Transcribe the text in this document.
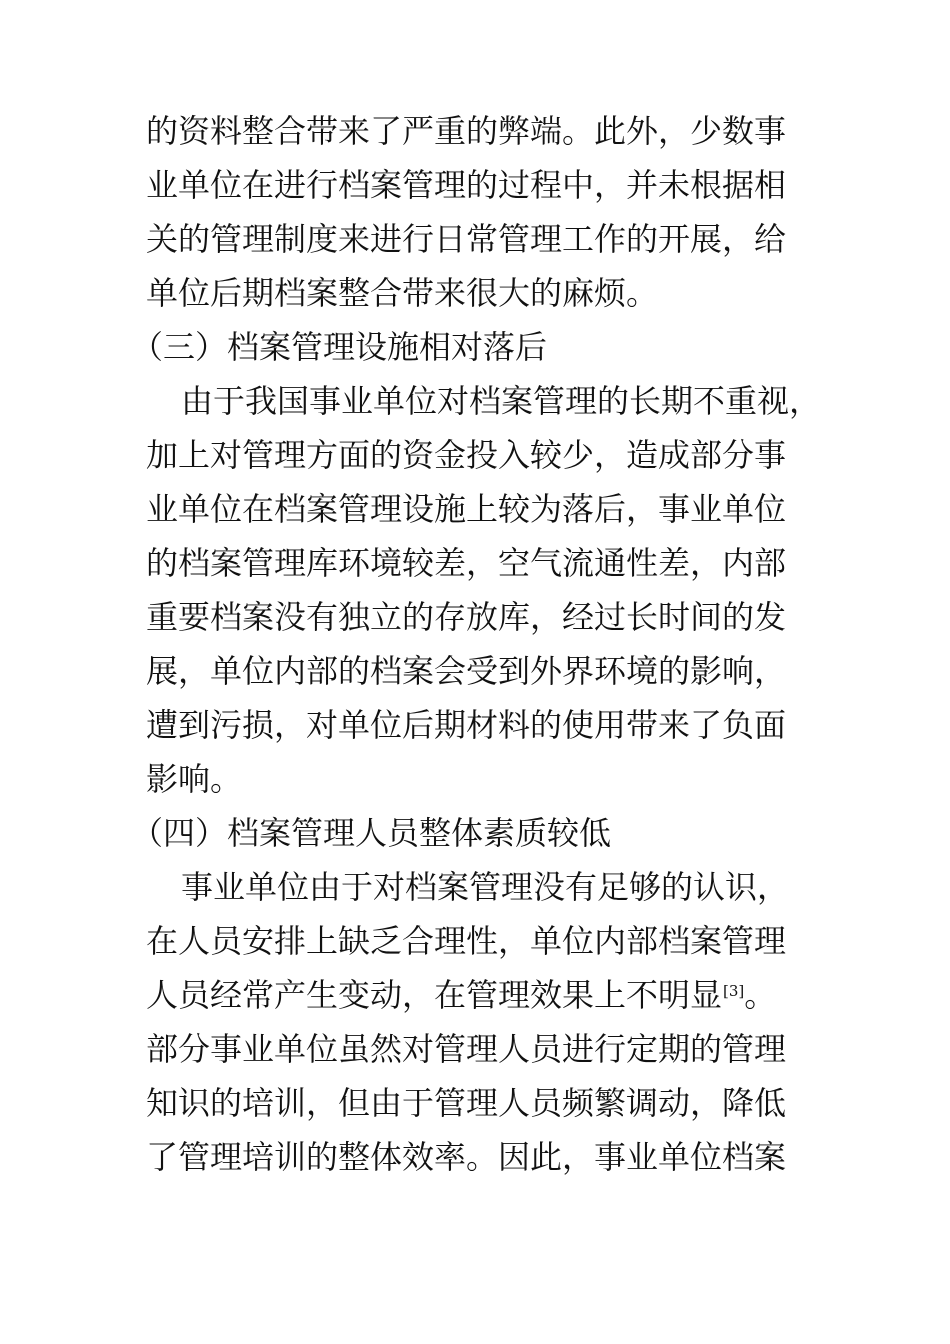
的资料整合带来了严重的弊端。此外，少数事
业单位在进行档案管理的过程中，并未根据相
关的管理制度来进行日常管理工作的开展，给
单位后期档案整合带来很大的麻烦。
（三）档案管理设施相对落后
由于我国事业单位对档案管理的长期不重视，
加上对管理方面的资金投入较少，造成部分事
业单位在档案管理设施上较为落后，事业单位
的档案管理库环境较差，空气流通性差，内部
重要档案没有独立的存放库，经过长时间的发
展，单位内部的档案会受到外界环境的影响，
遭到污损，对单位后期材料的使用带来了负面
影响。
（四）档案管理人员整体素质较低
事业单位由于对档案管理没有足够的认识，
在人员安排上缺乏合理性，单位内部档案管理
人员经常产生变动，在管理效果上不明显[3]。
部分事业单位虽然对管理人员进行定期的管理
知识的培训，但由于管理人员频繁调动，降低
了管理培训的整体效率。因此，事业单位档案
